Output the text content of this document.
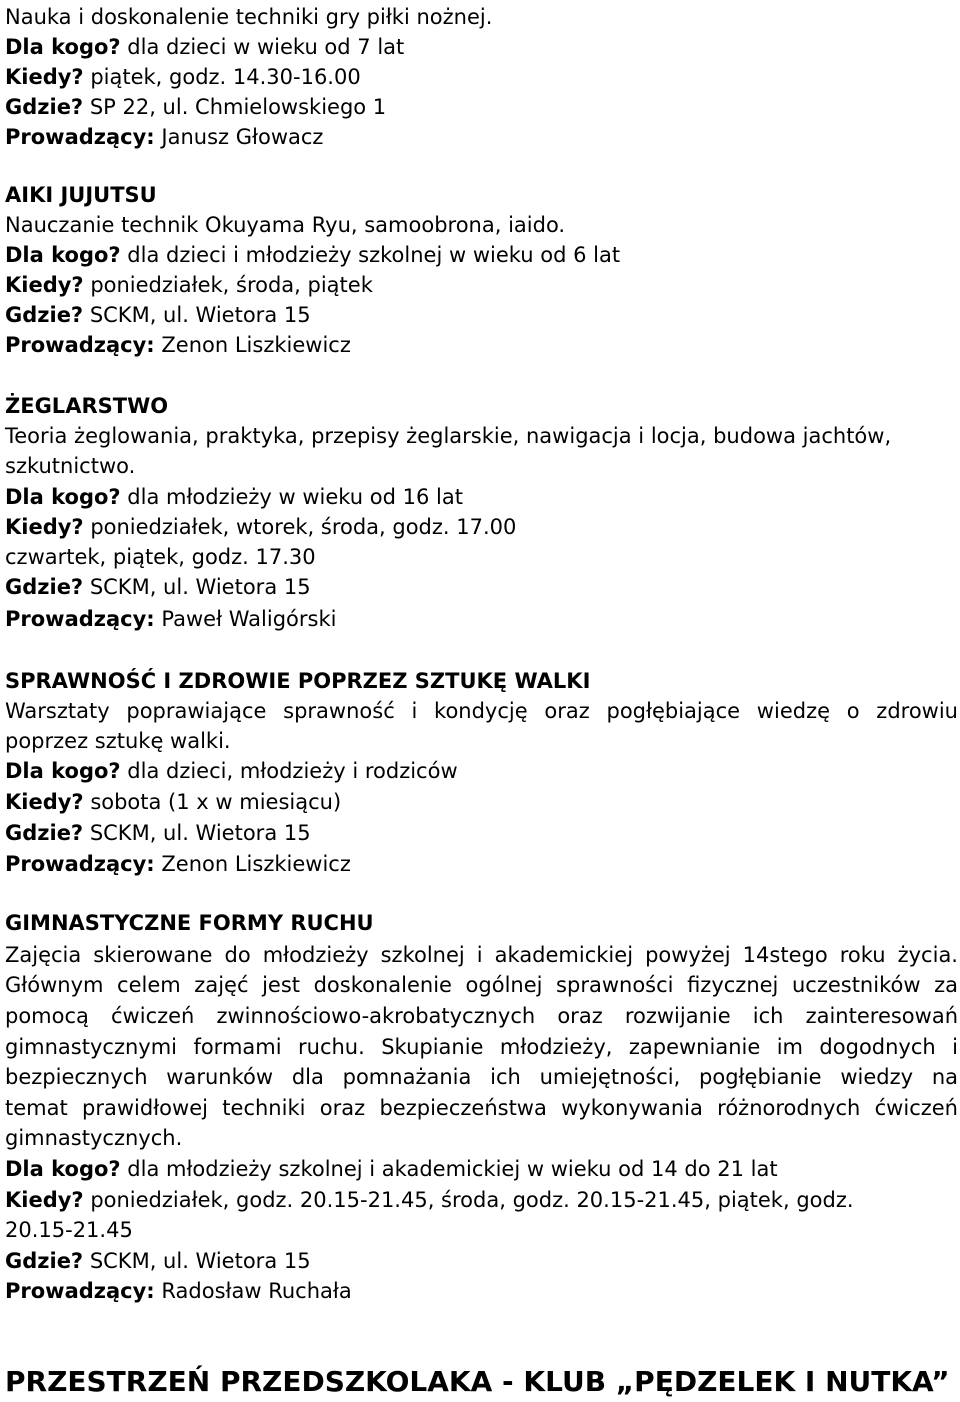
Nauka i doskonalenie techniki gry piłki nożnej.
Dla kogo? dla dzieci w wieku od 7 lat
Kiedy? piątek, godz. 14.30-16.00
Gdzie? SP 22, ul. Chmielowskiego 1
Prowadzący: Janusz Głowacz
AIKI JUJUTSU
Nauczanie technik Okuyama Ryu, samoobrona, iaido.
Dla kogo? dla dzieci i młodzieży szkolnej w wieku od 6 lat
Kiedy? poniedziałek, środa, piątek
Gdzie? SCKM, ul. Wietora 15
Prowadzący: Zenon Liszkiewicz
ŻEGLARSTWO
Teoria żeglowania, praktyka, przepisy żeglarskie, nawigacja i locja, budowa jachtów,
szkutnictwo.
Dla kogo? dla młodzieży w wieku od 16 lat
Kiedy? poniedziałek, wtorek, środa, godz. 17.00
czwartek, piątek, godz. 17.30
Gdzie? SCKM, ul. Wietora 15
Prowadzący: Paweł Waligórski
SPRAWNOŚĆ I ZDROWIE POPRZEZ SZTUKĘ WALKI
Warsztaty poprawiające sprawność i kondycję oraz pogłębiające wiedzę o zdrowiu
poprzez sztukę walki.
Dla kogo? dla dzieci, młodzieży i rodziców
Kiedy? sobota (1 x w miesiącu)
Gdzie? SCKM, ul. Wietora 15
Prowadzący: Zenon Liszkiewicz
GIMNASTYCZNE FORMY RUCHU
Zajęcia skierowane do młodzieży szkolnej i akademickiej powyżej 14stego roku życia.
Głównym celem zajęć jest doskonalenie ogólnej sprawności fizycznej uczestników za
pomocą ćwiczeń zwinnościowo-akrobatycznych oraz rozwijanie ich zainteresowań
gimnastycznymi formami ruchu. Skupianie młodzieży, zapewnianie im dogodnych i
bezpiecznych warunków dla pomnażania ich umiejętności, pogłębianie wiedzy na
temat prawidłowej techniki oraz bezpieczeństwa wykonywania różnorodnych ćwiczeń
gimnastycznych.
Dla kogo? dla młodzieży szkolnej i akademickiej w wieku od 14 do 21 lat
Kiedy? poniedziałek, godz. 20.15-21.45, środa, godz. 20.15-21.45, piątek, godz.
20.15-21.45
Gdzie? SCKM, ul. Wietora 15
Prowadzący: Radosław Ruchała
PRZESTRZEŃ PRZEDSZKOLAKA - KLUB „PĘDZELEK I NUTKA”
